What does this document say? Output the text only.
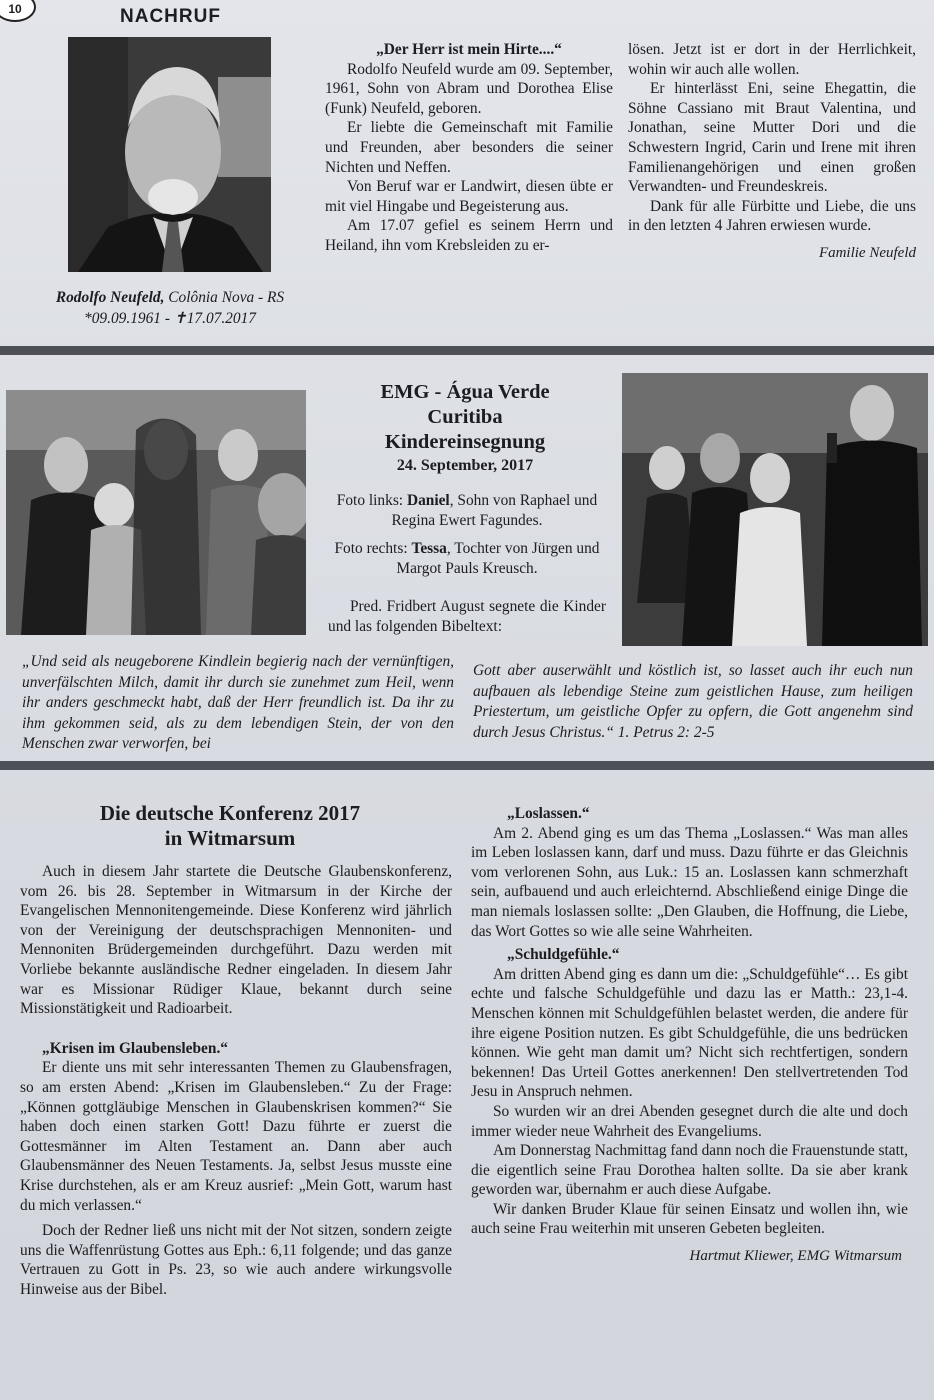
10	NACHRUF
Rodolfo Neufeld, Colônia Nova - RS
*09.09.1961 - ✝17.07.2017
„Der Herr ist mein Hirte....“

Rodolfo Neufeld wurde am 09. September, 1961, Sohn von Abram und Dorothea Elise (Funk) Neufeld, geboren.

Er liebte die Gemeinschaft mit Familie und Freunden, aber besonders die seiner Nichten und Neffen.

Von Beruf war er Landwirt, diesen übte er mit viel Hingabe und Begeisterung aus.

Am 17.07 gefiel es seinem Herrn und Heiland, ihn vom Krebsleiden zu er-

lösen. Jetzt ist er dort in der Herrlichkeit, wohin wir auch alle wollen.

Er hinterlässt Eni, seine Ehegattin, die Söhne Cassiano mit Braut Valentina, und Jonathan, seine Mutter Dori und die Schwestern Ingrid, Carin und Irene mit ihren Familienangehörigen und einen großen Verwandten- und Freundeskreis.

Dank für alle Fürbitte und Liebe, die uns in den letzten 4 Jahren erwiesen wurde.

Familie Neufeld
EMG - Água Verde
Curitiba
Kindereinsegnung
24. September, 2017
Foto links: Daniel, Sohn von Raphael und Regina Ewert Fagundes.
Foto rechts: Tessa, Tochter von Jürgen und Margot Pauls Kreusch.

Pred. Fridbert August segnete die Kinder und las folgenden Bibeltext:

„Und seid als neugeborene Kindlein begierig nach der vernünftigen, unverfälschten Milch, damit ihr durch sie zunehmet zum Heil, wenn ihr anders geschmeckt habt, daß der Herr freundlich ist. Da ihr zu ihm gekommen seid, als zu dem lebendigen Stein, der von den Menschen zwar verworfen, bei
Gott aber auserwählt und köstlich ist, so lasset auch ihr euch nun aufbauen als lebendige Steine zum geistlichen Hause, zum heiligen Priestertum, um geistliche Opfer zu opfern, die Gott angenehm sind durch Jesus Christus.“ 1. Petrus 2: 2-5
Die deutsche Konferenz 2017
in Witmarsum

Auch in diesem Jahr startete die Deutsche Glaubenskonferenz, vom 26. bis 28. September in Witmarsum in der Kirche der Evangelischen Mennonitengemeinde. Diese Konferenz wird jährlich von der Vereinigung der deutschsprachigen Mennoniten- und Mennoniten Brüdergemeinden durchgeführt. Dazu werden mit Vorliebe bekannte ausländische Redner eingeladen. In diesem Jahr war es Missionar Rüdiger Klaue, bekannt durch seine Missionstätigkeit und Radioarbeit.

„Krisen im Glaubensleben.“

Er diente uns mit sehr interessanten Themen zu Glaubensfragen, so am ersten Abend: „Krisen im Glaubensleben.“ Zu der Frage: „Können gottgläubige Menschen in Glaubenskrisen kommen?“ Sie haben doch einen starken Gott! Dazu führte er zuerst die Gottesmänner im Alten Testament an. Dann aber auch Glaubensmänner des Neuen Testaments. Ja, selbst Jesus musste eine Krise durchstehen, als er am Kreuz ausrief: „Mein Gott, warum hast du mich verlassen.“

Doch der Redner ließ uns nicht mit der Not sitzen, sondern zeigte uns die Waffenrüstung Gottes aus Eph.: 6,11 folgende; und das ganze Vertrauen zu Gott in Ps. 23, so wie auch andere wirkungsvolle Hinweise aus der Bibel.

„Loslassen.“

Am 2. Abend ging es um das Thema „Loslassen.“ Was man alles im Leben loslassen kann, darf und muss. Dazu führte er das Gleichnis vom verlorenen Sohn, aus Luk.: 15 an. Loslassen kann schmerzhaft sein, aufbauend und auch erleichternd. Abschließend einige Dinge die man niemals loslassen sollte: „Den Glauben, die Hoffnung, die Liebe, das Wort Gottes so wie alle seine Wahrheiten.

„Schuldgefühle.“

Am dritten Abend ging es dann um die: „Schuldgefühle“… Es gibt echte und falsche Schuldgefühle und dazu las er Matth.: 23,1-4. Menschen können mit Schuldgefühlen belastet werden, die andere für ihre eigene Position nutzen. Es gibt Schuldgefühle, die uns bedrücken können. Wie geht man damit um? Nicht sich rechtfertigen, sondern bekennen! Das Urteil Gottes anerkennen! Den stellvertretenden Tod Jesu in Anspruch nehmen.

So wurden wir an drei Abenden gesegnet durch die alte und doch immer wieder neue Wahrheit des Evangeliums.

Am Donnerstag Nachmittag fand dann noch die Frauenstunde statt, die eigentlich seine Frau Dorothea halten sollte. Da sie aber krank geworden war, übernahm er auch diese Aufgabe.

Wir danken Bruder Klaue für seinen Einsatz und wollen ihn, wie auch seine Frau weiterhin mit unseren Gebeten begleiten.

Hartmut Kliewer, EMG Witmarsum
